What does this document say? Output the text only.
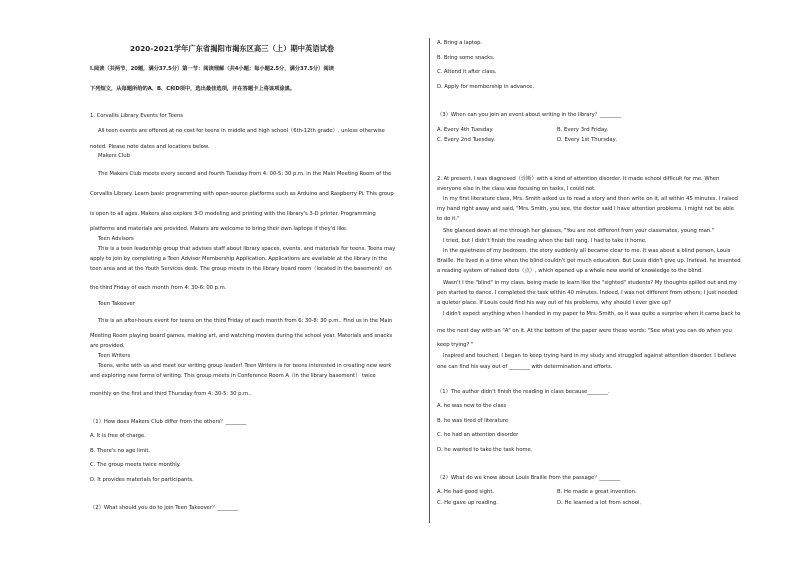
2020-2021学年广东省揭阳市揭东区高三（上）期中英语试卷
I.阅读（共两节，20题，满分37.5分）第一节：阅读理解（共4小题；每小题2.5分，满分37.5分）阅读
下列短文，从每题所给的A、B、C和D项中，选出最佳选项，并在答题卡上将该项涂黑。
1. Corvallis Library Events for Teens
All teen events are offered at no cost for teens in middle and high school（6th-12th grade）, unless otherwise
noted. Please note dates and locations below.
Makers Club
The Makers Club meets every second and fourth Tuesday from 4: 00-5: 30 p.m. in the Main Meeting Room of the
Corvallis Library. Learn basic programming with open-source platforms such as Arduino and Raspberry Pi. This group
is open to all ages. Makers also explore 3-D modeling and printing with the library's 3-D printer. Programming
platforms and materials are provided. Makers are welcome to bring their own laptops if they'd like.
Teen Advisors
This is a teen leadership group that advises staff about library spaces, events, and materials for teens. Teens may
apply to join by completing a Teen Advisor Membership Application. Applications are available at the library in the
teen area and at the Youth Services desk. The group meets in the library board room（located in the basement）on
the third Friday of each month from 4: 30-6: 00 p.m.
Teen Takeover
This is an after-hours event for teens on the third Friday of each month from 6: 30-8: 30 p.m.. Find us in the Main
Meeting Room playing board games, making art, and watching movies during the school year. Materials and snacks
are provided.
Teen Writers
Teens, write with us and meet our writing group leader! Teen Writers is for teens interested in creating new work
and exploring new forms of writing. This group meets in Conference Room A（in the library basement） twice
monthly on the first and third Thursday from 4: 30-5: 30 p.m..
（1）How does Makers Club differ from the others？________
A. It is free of charge.
B. There's no age limit.
C. The group meets twice monthly.
D. It provides materials for participants．
（2）What should you do to join Teen Takeover？________
A. Bring a laptop.
B. Bring some snacks.
C. Attend it after class.
D. Apply for membership in advance．
（3）When can you join an event about writing in the library？________
A. Every 4th Tuesday.	B. Every 3rd Friday.
C. Every 2nd Tuesday.	D. Every 1st Thursday．
2. At present, I was diagnosed（诊断）with a kind of attention disorder. It made school difficult for me. When
everyone else in the class was focusing on tasks, I could not.
In my first literature class, Mrs. Smith asked us to read a story and then write on it, all within 45 minutes. I raised
my hand right away and said, "Mrs. Smith, you see, the doctor said I have attention problems. I might not be able
to do it."
She glanced down at me through her glasses, "You are not different from your classmates, young man."
I tried, but I didn't finish the reading when the bell rang. I had to take it home.
In the quietness of my bedroom, the story suddenly all became clear to me. It was about a blind person, Louis
Braille. He lived in a time when the blind couldn't get much education. But Louis didn't give up. Instead, he invented
a reading system of raised dots（点）, which opened up a whole new world of knowledge to the blind.
Wasn't I the "blind" in my class, being made to learn like the "sighted" students? My thoughts spilled out and my
pen started to dance. I completed the task within 40 minutes. Indeed, I was not different from others; I just needed
a quieter place. If Louis could find his way out of his problems, why should I ever give up?
I didn't expect anything when I handed in my paper to Mrs. Smith, so it was quite a surprise when it came back to
me the next day with an "A" on it. At the bottom of the paper were these words: "See what you can do when you
keep trying? "
Inspired and touched, I began to keep trying hard in my study and struggled against attention disorder. I believe
one can find his way out of ________ with determination and efforts.
（1）The author didn't finish the reading in class because________.
A. he was new to the class
B. he was tired of literature
C. he had an attention disorder
D. he wanted to take the task home．
（2）What do we know about Louis Braille from the passage？________
A. He had good sight.	B. He made a great invention.
C. He gave up reading.	D. He learned a lot from school．
